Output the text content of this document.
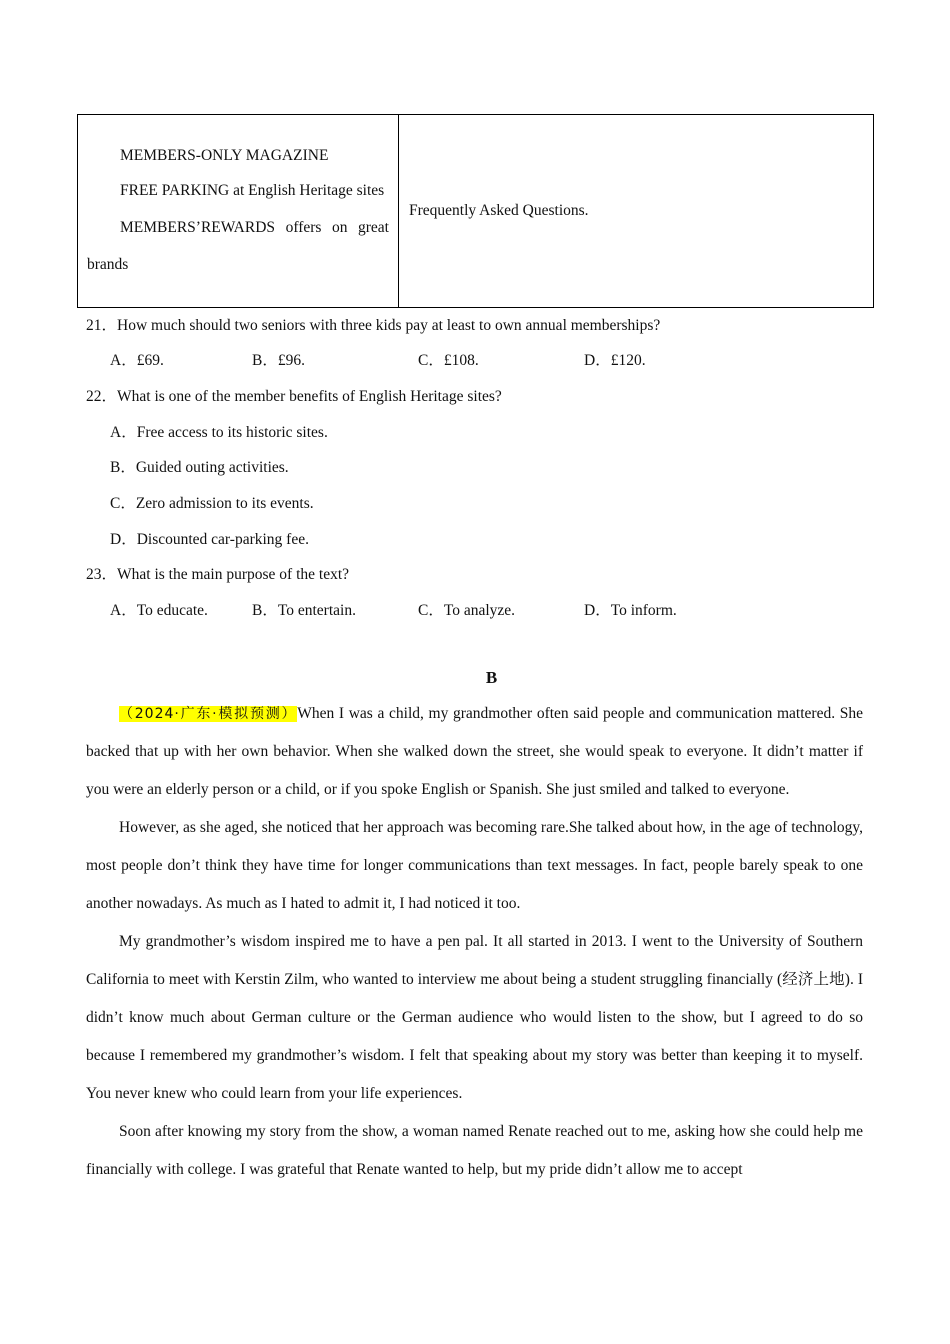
MEMBERS-ONLY MAGAZINE

FREE PARKING at English Heritage sites

MEMBERS’REWARDS offers on great brands

	Frequently Asked Questions.
21．How much should two seniors with three kids pay at least to own annual memberships?
A．£69.	B．£96.	C．£108.	D．£120.
22．What is one of the member benefits of English Heritage sites?
A．Free access to its historic sites.
B．Guided outing activities.
C．Zero admission to its events.
D．Discounted car-parking fee.
23．What is the main purpose of the text?
A．To educate.	B．To entertain.	C．To analyze.	D．To inform.
B

（2024·广东·模拟预测）When I was a child, my grandmother often said people and communication mattered. She backed that up with her own behavior. When she walked down the street, she would speak to everyone. It didn’t matter if you were an elderly person or a child, or if you spoke English or Spanish. She just smiled and talked to everyone.

However, as she aged, she noticed that her approach was becoming rare.She talked about how, in the age of technology, most people don’t think they have time for longer communications than text messages. In fact, people barely speak to one another nowadays. As much as I hated to admit it, I had noticed it too.

My grandmother’s wisdom inspired me to have a pen pal. It all started in 2013. I went to the University of Southern California to meet with Kerstin Zilm, who wanted to interview me about being a student struggling financially (经济上地). I didn’t know much about German culture or the German audience who would listen to the show, but I agreed to do so because I remembered my grandmother’s wisdom. I felt that speaking about my story was better than keeping it to myself. You never knew who could learn from your life experiences.

Soon after knowing my story from the show, a woman named Renate reached out to me, asking how she could help me financially with college. I was grateful that Renate wanted to help, but my pride didn’t allow me to accept
